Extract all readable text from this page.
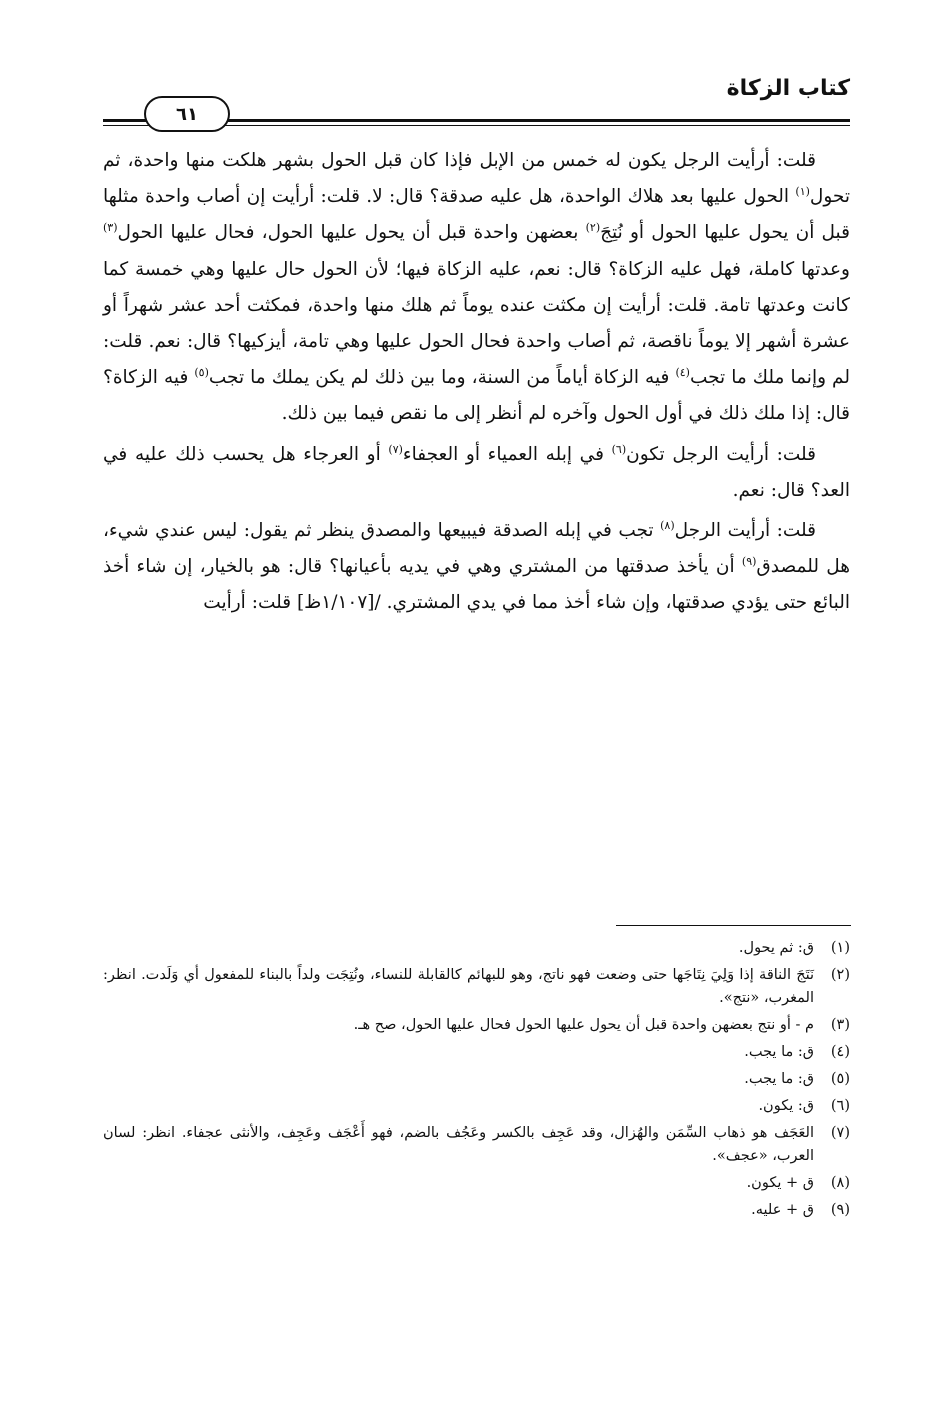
كتاب الزكاة
٦١

قلت: أرأيت الرجل يكون له خمس من الإبل فإذا كان قبل الحول بشهر هلكت منها واحدة، ثم تحول$^{(١)}$ الحول عليها بعد هلاك الواحدة، هل عليه صدقة؟ قال: لا. قلت: أرأيت إن أصاب واحدة مثلها قبل أن يحول عليها الحول أو نُتِجَ$^{(٢)}$ بعضهن واحدة قبل أن يحول عليها الحول، فحال عليها الحول$^{(٣)}$ وعدتها كاملة، فهل عليه الزكاة؟ قال: نعم، عليه الزكاة فيها؛ لأن الحول حال عليها وهي خمسة كما كانت وعدتها تامة. قلت: أرأيت إن مكثت عنده يوماً ثم هلك منها واحدة، فمكثت أحد عشر شهراً أو عشرة أشهر إلا يوماً ناقصة، ثم أصاب واحدة فحال الحول عليها وهي تامة، أيزكيها؟ قال: نعم. قلت: لم وإنما ملك ما تجب$^{(٤)}$ فيه الزكاة أياماً من السنة، وما بين ذلك لم يكن يملك ما تجب$^{(٥)}$ فيه الزكاة؟ قال: إذا ملك ذلك في أول الحول وآخره لم أنظر إلى ما نقص فيما بين ذلك.

قلت: أرأيت الرجل تكون$^{(٦)}$ في إبله العمياء أو العجفاء$^{(٧)}$ أو العرجاء هل يحسب ذلك عليه في العد؟ قال: نعم.

قلت: أرأيت الرجل$^{(٨)}$ تجب في إبله الصدقة فيبيعها والمصدق ينظر ثم يقول: ليس عندي شيء، هل للمصدق$^{(٩)}$ أن يأخذ صدقتها من المشتري وهي في يديه بأعيانها؟ قال: هو بالخيار، إن شاء أخذ البائع حتى يؤدي صدقتها، وإن شاء أخذ مما في يدي المشتري. /[١/١٠٧ظ] قلت: أرأيت

(١)
ق: ثم يحول.
(٢)
نَتَجَ الناقة إذا وَلِيَ نِتَاجَها حتى وضعت فهو ناتج، وهو للبهائم كالقابلة للنساء، ونُتِجَت ولداً بالبناء للمفعول أي وَلَدت. انظر: المغرب، «نتج».
(٣)
م - أو نتج بعضهن واحدة قبل أن يحول عليها الحول فحال عليها الحول، صح هـ.
(٤)
ق: ما يجب.
(٥)
ق: ما يجب.
(٦)
ق: يكون.
(٧)
العَجَف هو ذهاب السِّمَن والهُزال، وقد عَجِف بالكسر وعَجُف بالضم، فهو أَعْجَف وعَجِف، والأنثى عجفاء. انظر: لسان العرب، «عجف».
(٨)
ق + يكون.
(٩)
ق + عليه.
